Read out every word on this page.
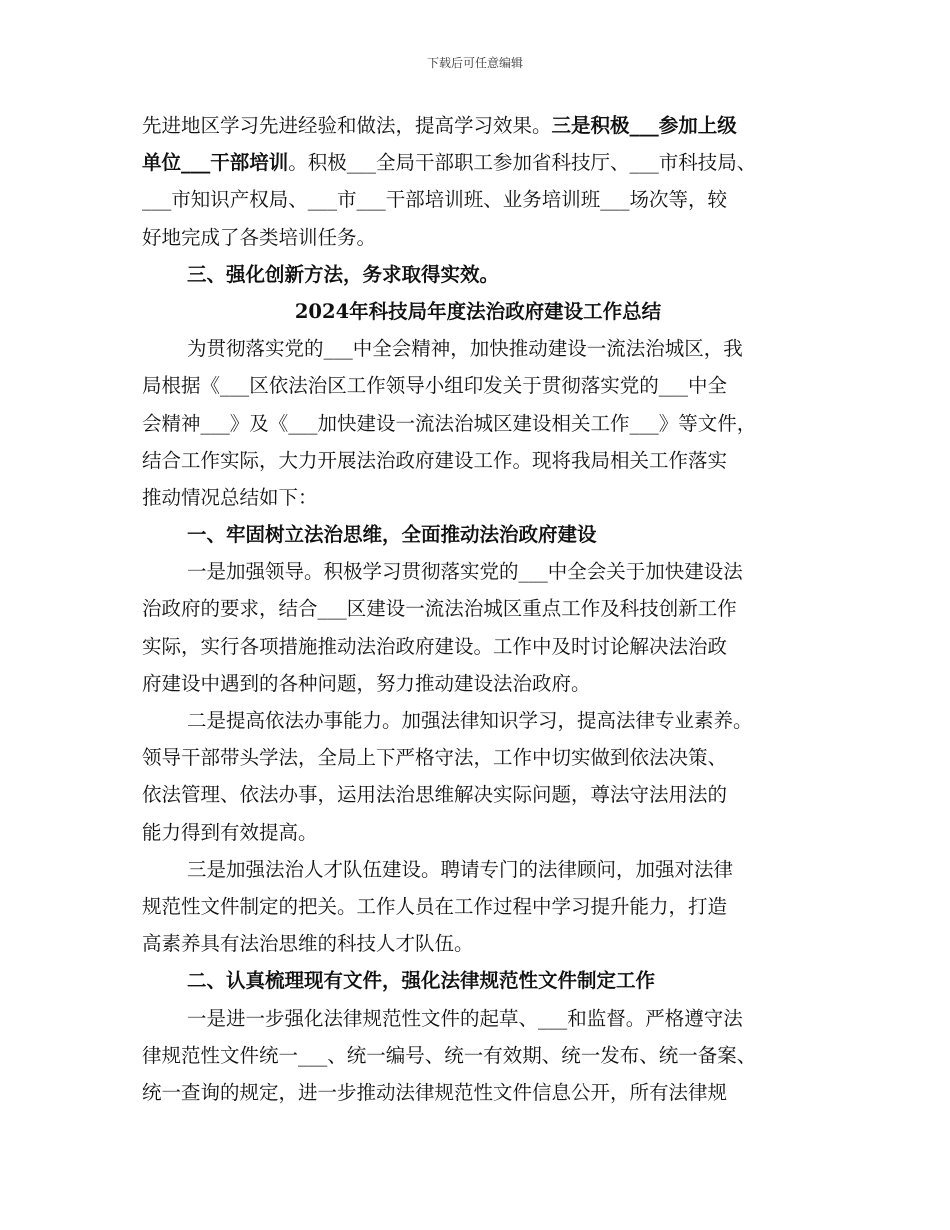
下载后可任意编辑
先进地区学习先进经验和做法，提高学习效果。三是积极___参加上级
单位___干部培训。积极___全局干部职工参加省科技厅、___市科技局、
___市知识产权局、___市___干部培训班、业务培训班___场次等，较
好地完成了各类培训任务。
三、强化创新方法，务求取得实效。
2024年科技局年度法治政府建设工作总结
为贯彻落实党的___中全会精神，加快推动建设一流法治城区，我
局根据《___区依法治区工作领导小组印发关于贯彻落实党的___中全
会精神___》及《___加快建设一流法治城区建设相关工作___》等文件，
结合工作实际，大力开展法治政府建设工作。现将我局相关工作落实
推动情况总结如下：
一、牢固树立法治思维，全面推动法治政府建设
一是加强领导。积极学习贯彻落实党的___中全会关于加快建设法
治政府的要求，结合___区建设一流法治城区重点工作及科技创新工作
实际，实行各项措施推动法治政府建设。工作中及时讨论解决法治政
府建设中遇到的各种问题，努力推动建设法治政府。
二是提高依法办事能力。加强法律知识学习，提高法律专业素养。
领导干部带头学法，全局上下严格守法，工作中切实做到依法决策、
依法管理、依法办事，运用法治思维解决实际问题，尊法守法用法的
能力得到有效提高。
三是加强法治人才队伍建设。聘请专门的法律顾问，加强对法律
规范性文件制定的把关。工作人员在工作过程中学习提升能力，打造
高素养具有法治思维的科技人才队伍。
二、认真梳理现有文件，强化法律规范性文件制定工作
一是进一步强化法律规范性文件的起草、___和监督。严格遵守法
律规范性文件统一___、统一编号、统一有效期、统一发布、统一备案、
统一查询的规定，进一步推动法律规范性文件信息公开，所有法律规
